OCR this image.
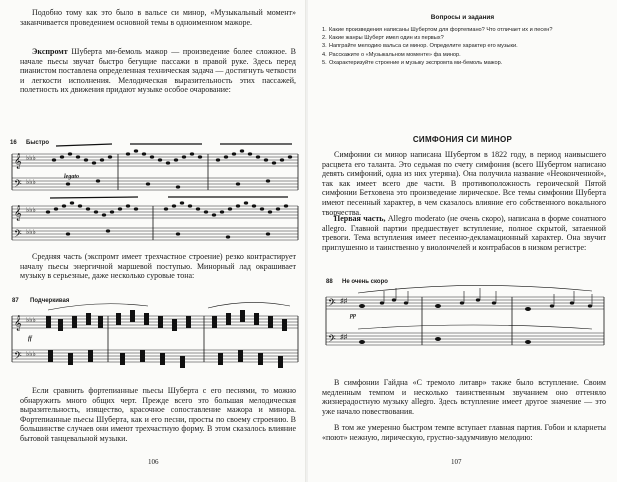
Подобно тому как это было в вальсе си минор, «Музыкальный момент» заканчивается проведением основной темы в одноименном мажоре.

Экспромт Шуберта ми-бемоль мажор — произведение более сложное. В начале пьесы звучат быстро бегущие пассажи в правой руке. Здесь перед пианистом поставлена определенная техническая задача — достигнуть четкости и легкости исполнения. Мелодическая выразительность этих пассажей, полетность их движения придают музыке особое очарование:

16 Быстро
legato
𝄞
𝄢
𝄞
𝄢
♭♭♭
♭♭♭
♭♭♭
♭♭♭

Средняя часть (экспромт имеет трехчастное строение) резко контрастирует началу пьесы энергичной маршевой поступью. Минорный лад окрашивает музыку в серьезные, даже несколько суровые тона:

87 Подчеркивая
ff
𝄞
𝄢
♭♭♭
♭♭♭

Если сравнить фортепианные пьесы Шуберта с его песнями, то можно обнаружить много общих черт. Прежде всего это большая мелодическая выразительность, изящество, красочное сопоставление мажора и минора. Фортепианные пьесы Шуберта, как и его песни, просты по своему строению. В большинстве случаев они имеют трехчастную форму. В этом сказалось влияние бытовой танцевальной музыки.

106
Вопросы и задания
1. Какие произведения написаны Шубертом для фортепиано? Что отличает их и песен?
2. Какие жанры Шуберт имел один из первых?
3. Напграйте мелодию вальса си минор. Определите характер его музыки.
4. Расскажите о «Музыкальном моменте» фа минор.
5. Охарактеризуйте строение и музыку экспромта ми-бемоль мажор.
СИМФОНИЯ СИ МИНОР

Симфонии си минор написана Шубертом в 1822 году, в период наивысшего расцвета его таланта. Это седьмая по счету симфония (всего Шубертом написано девять симфоний, одна из них утеряна). Она получила название «Неоконченной», так как имеет всего две части. В противоположность героической Пятой симфонии Бетховена это произведение лирическое. Все темы симфонии Шуберта имеют песенный характер, в чем сказалось влияние его собственного вокального творчества.

Первая часть, Allegro moderato (не очень скоро), написана в форме сонатного allegro. Главной партии предшествует вступление, полное скрытой, затаенной тревоги. Тема вступления имеет песенно-декламационный характер. Она звучит приглушенно и таинственно у виолончелей и контрабасов в низком регистре:

88 Не очень скоро
pp
𝄢
𝄢
♯♯
♯♯

В симфонии Гайдна «С тремоло литавр» также было вступление. Своим медленным темпом и несколько таинственным звучанием оно оттеняло жизнерадостную музыку allegro. Здесь вступление имеет другое значение — это уже начало повествования.

В том же умеренно быстром темпе вступает главная партия. Гобои и кларнеты «поют» нежную, лирическую, грустно-задумчивую мелодию:

107
